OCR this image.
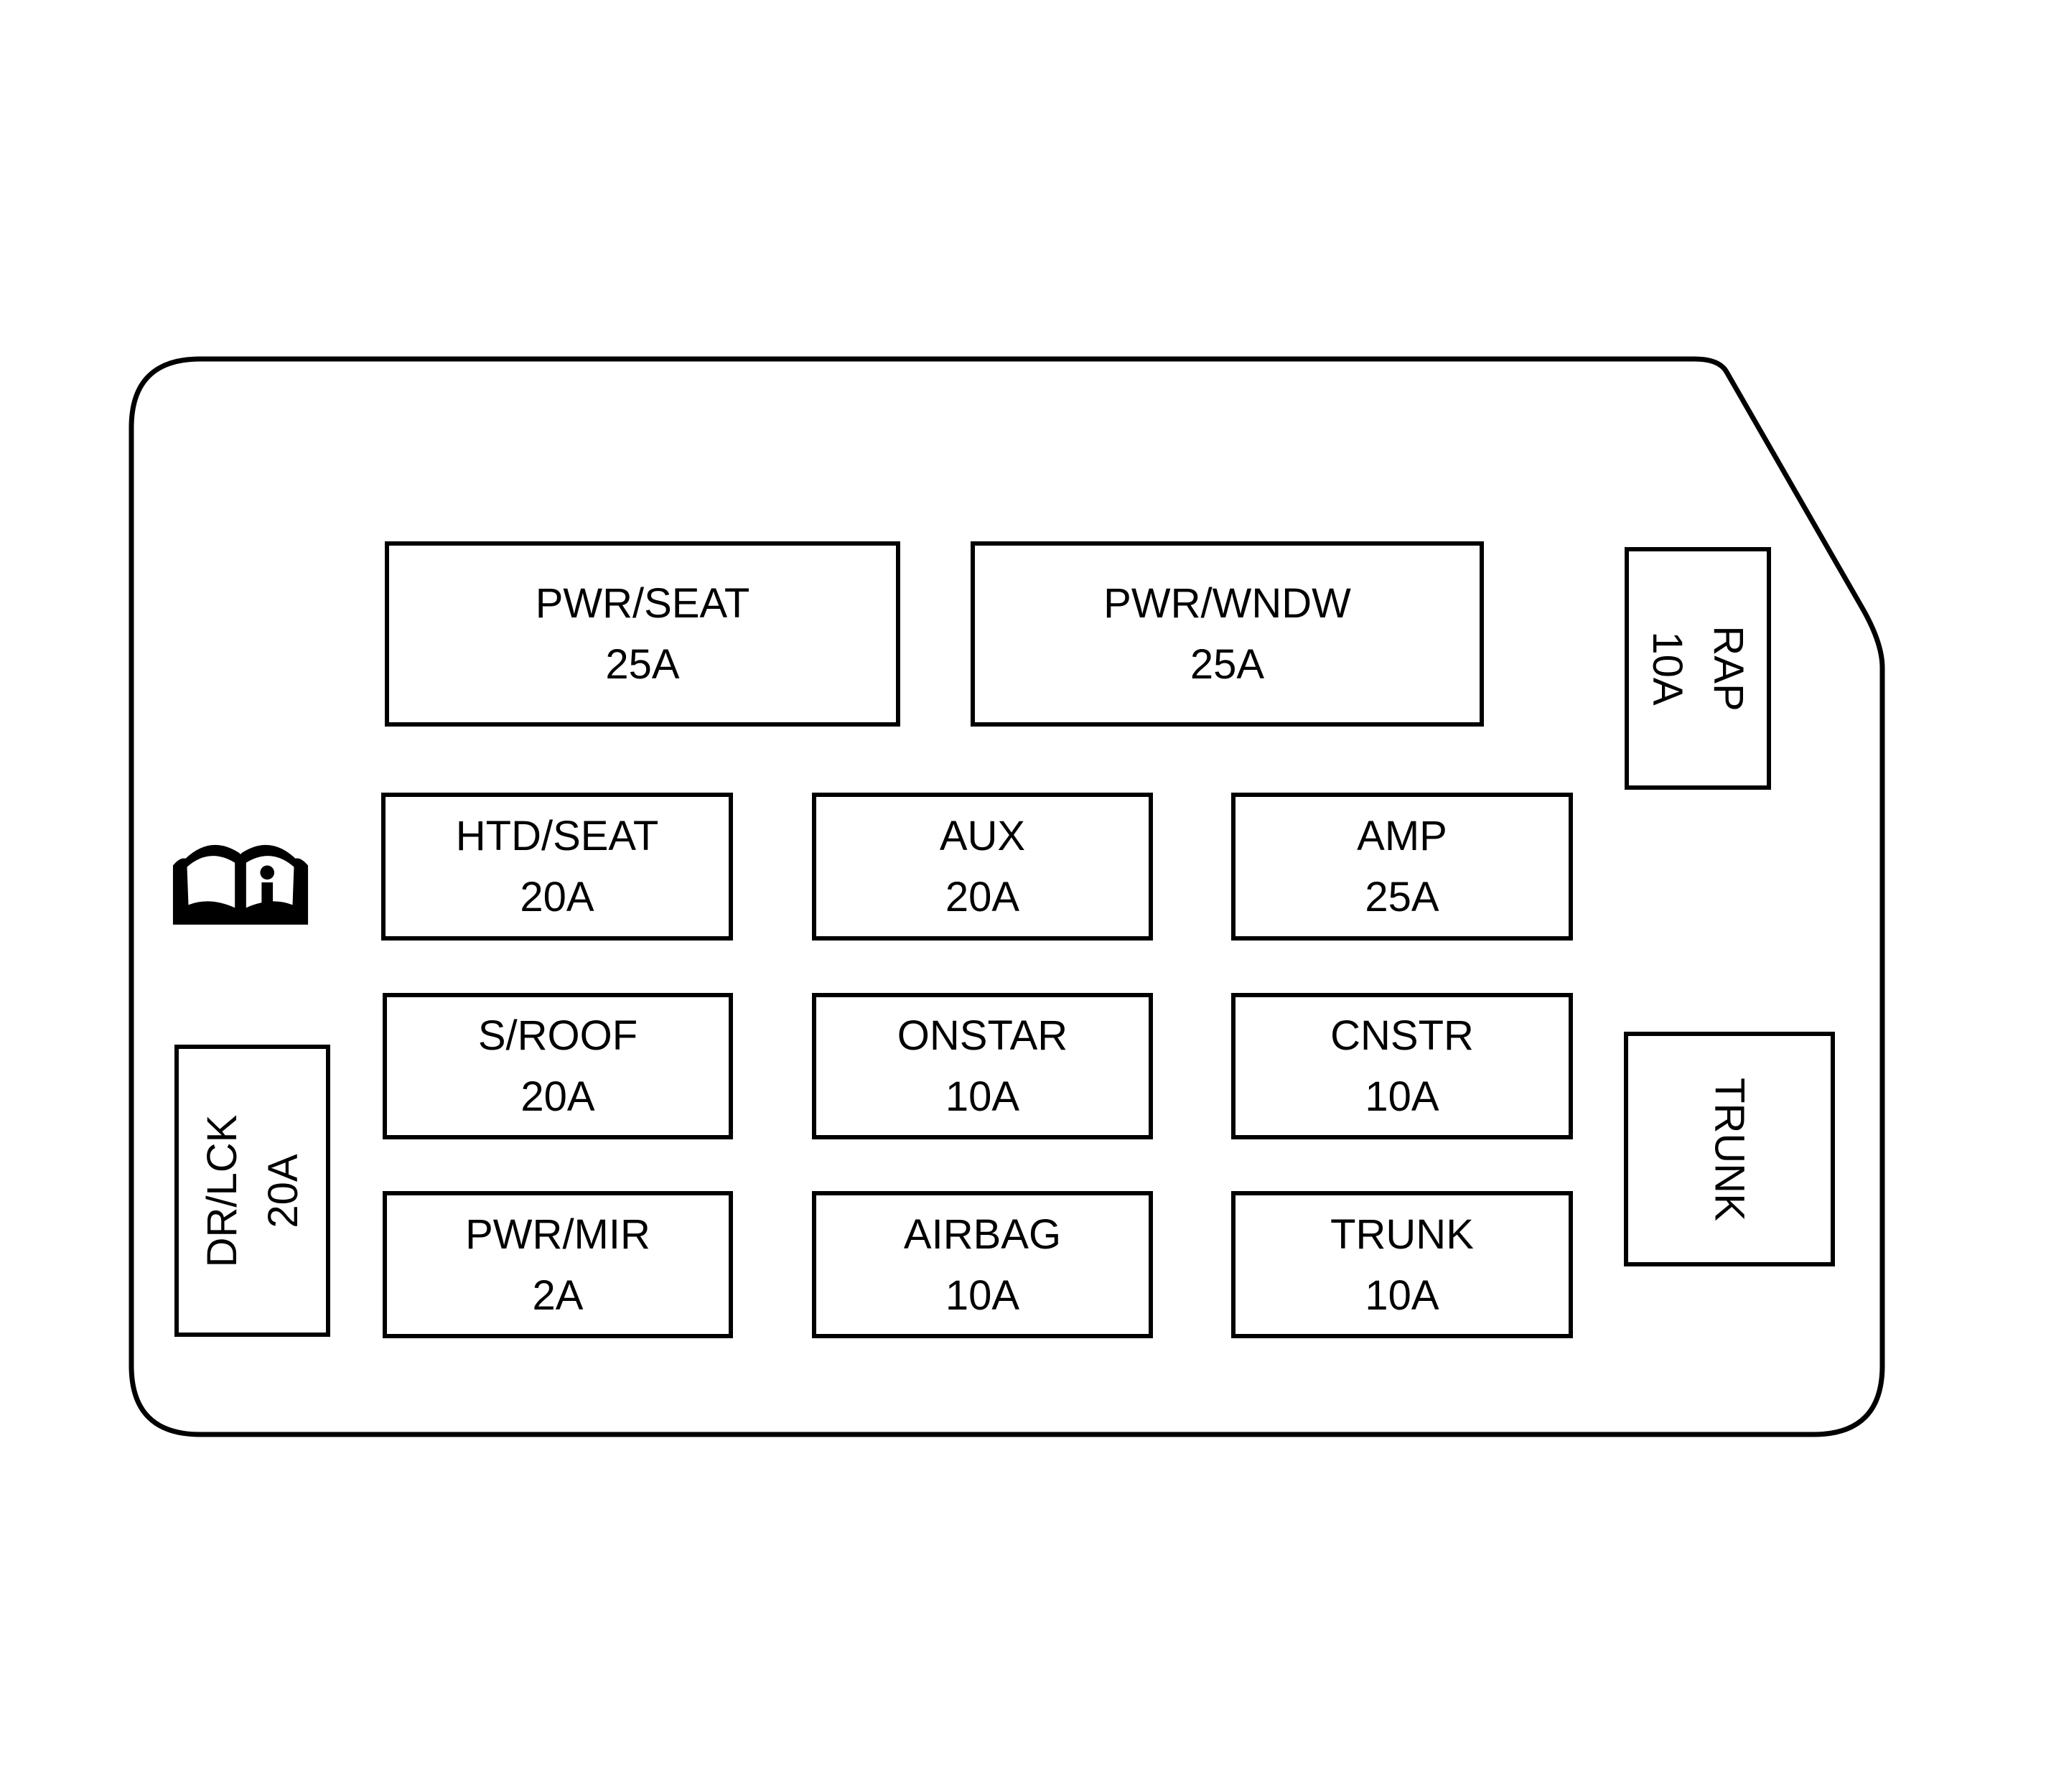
PWR/SEAT
25A
PWR/WNDW
25A	RAP
10A
HTD/SEAT
20A
AUX
20A
AMP
25A
S/ROOF
20A
ONSTAR
10A
CNSTR
10A
PWR/MIR
2A
AIRBAG
10A
TRUNK
10A
DR/LCK 20A	TRUNK
